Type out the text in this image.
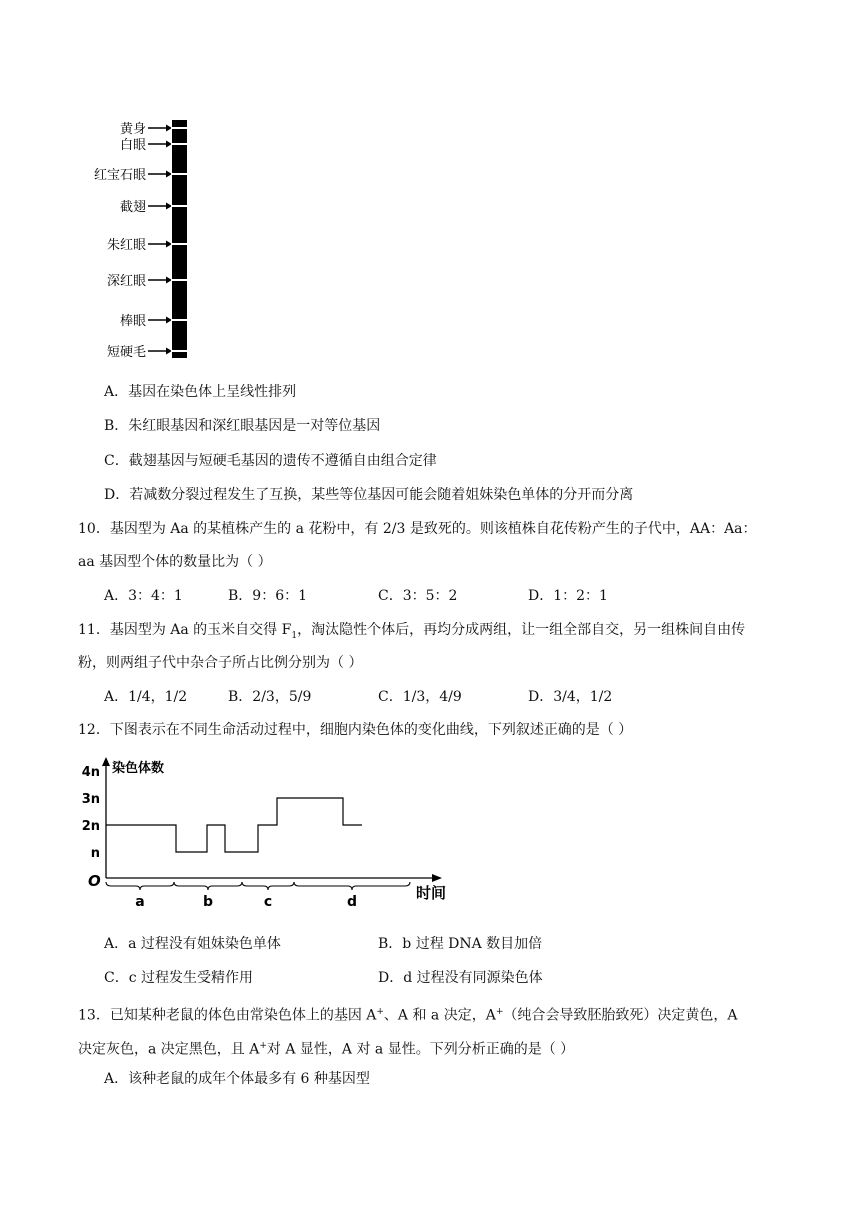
黄身
白眼
红宝石眼
截翅
朱红眼
深红眼
棒眼
短硬毛
A．基因在染色体上呈线性排列
B．朱红眼基因和深红眼基因是一对等位基因
C．截翅基因与短硬毛基因的遗传不遵循自由组合定律
D．若减数分裂过程发生了互换，某些等位基因可能会随着姐妹染色单体的分开而分离
10．基因型为 Aa 的某植株产生的 a 花粉中，有 2/3 是致死的。则该植株自花传粉产生的子代中，AA：Aa：
aa 基因型个体的数量比为（ ）
A．3：4：1	B．9：6：1	C．3：5：2	D．1：2：1
11．基因型为 Aa 的玉米自交得 $F_1$，淘汰隐性个体后，再均分成两组，让一组全部自交，另一组株间自由传
粉，则两组子代中杂合子所占比例分别为（ ）
A．1/4，1/2	B．2/3，5/9	C．1/3，4/9	D．3/4，1/2
12．下图表示在不同生命活动过程中，细胞内染色体的变化曲线，下列叙述正确的是（ ）
染色体数
时间
O
n
2n
3n
4n
a	b	c	d
A．a 过程没有姐妹染色单体	B．b 过程 DNA 数目加倍
C．c 过程发生受精作用	D．d 过程没有同源染色体
13．已知某种老鼠的体色由常染色体上的基因 A+、A 和 a 决定，A+（纯合会导致胚胎致死）决定黄色，A
决定灰色，a 决定黑色，且 A+对 A 显性，A 对 a 显性。下列分析正确的是（ ）
A．该种老鼠的成年个体最多有 6 种基因型
